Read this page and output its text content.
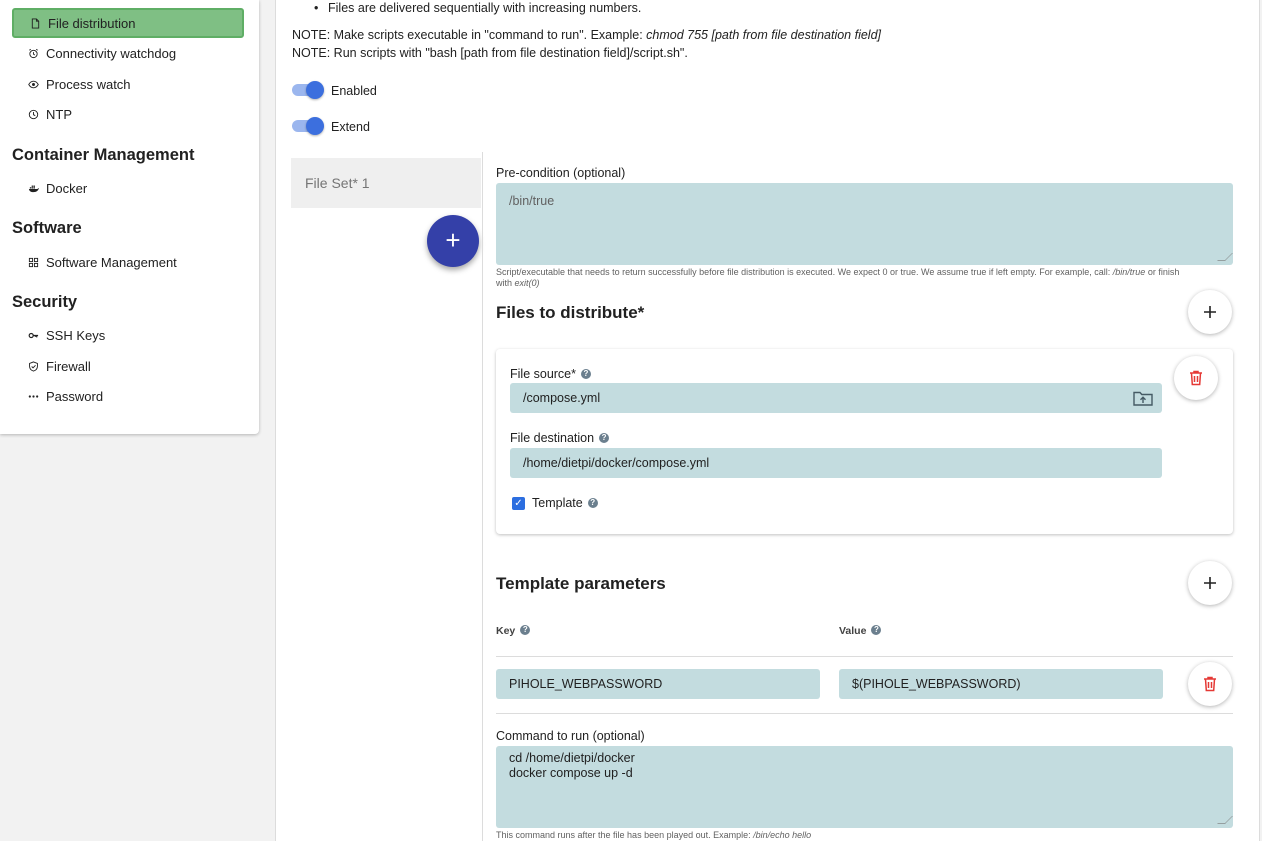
File distribution
Connectivity watchdog
Process watch
NTP
Container Management
Docker
Software
Software Management
Security
SSH Keys
Firewall
Password
• Files are delivered sequentially with increasing numbers.
NOTE: Make scripts executable in "command to run". Example: chmod 755 [path from file destination field]
NOTE: Run scripts with "bash [path from file destination field]/script.sh".
Enabled
Extend
File Set* 1
+
Pre-condition (optional)
/bin/true
Script/executable that needs to return successfully before file distribution is executed. We expect 0 or true. We assume true if left empty. For example, call: /bin/true or finish
with exit(0)
Files to distribute*
File source* ?
/compose.yml
File destination ?
/home/dietpi/docker/compose.yml
✓ Template ?
Template parameters
Key ?	Value ?
PIHOLE_WEBPASSWORD	$(PIHOLE_WEBPASSWORD)
Command to run (optional)
cd /home/dietpi/docker
docker compose up -d
This command runs after the file has been played out. Example: /bin/echo hello
